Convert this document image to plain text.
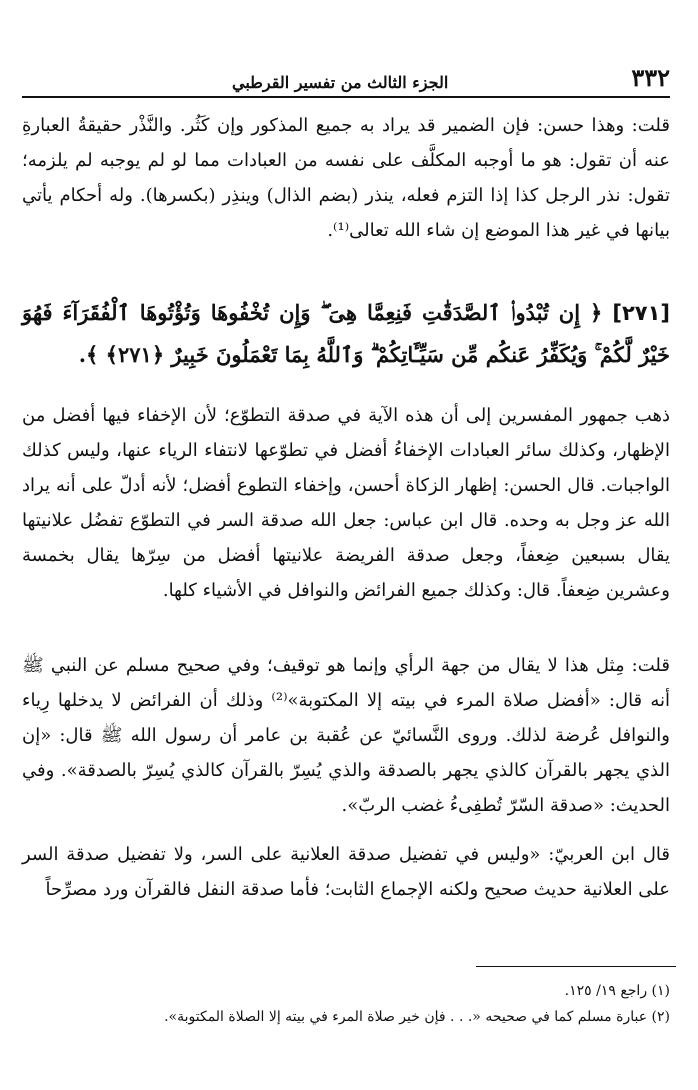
٣٣٢
الجزء الثالث من تفسير القرطبي

قلت: وهذا حسن: فإن الضمير قد يراد به جميع المذكور وإن كَثُر. والنَّذْر حقيقةُ العبارةِ عنه أن تقول: هو ما أوجبه المكلَّف على نفسه من العبادات مما لو لم يوجبه لم يلزمه؛ تقول: نذر الرجل كذا إذا التزم فعله، ينذر (بضم الذال) وينذِر (بكسرها). وله أحكام يأتي بيانها في غير هذا الموضع إن شاء الله تعالى⁽¹⁾.

[٢٧١] ﴿ إِن تُبْدُوا۟ ٱلصَّدَقَٰتِ فَنِعِمَّا هِىَ ۖ وَإِن تُخْفُوهَا وَتُؤْتُوهَا ٱلْفُقَرَآءَ فَهُوَ خَيْرٌ لَّكُمْ ۚ وَيُكَفِّرُ عَنكُم مِّن سَيِّـَٔاتِكُمْ ۗ وَٱللَّهُ بِمَا تَعْمَلُونَ خَبِيرٌ ﴿٢٧١﴾ ﴾.

ذهب جمهور المفسرين إلى أن هذه الآية في صدقة التطوّع؛ لأن الإخفاء فيها أفضل من الإظهار، وكذلك سائر العبادات الإخفاءُ أفضل في تطوّعها لانتفاء الرياء عنها، وليس كذلك الواجبات. قال الحسن: إظهار الزكاة أحسن، وإخفاء التطوع أفضل؛ لأنه أدلّ على أنه يراد الله عز وجل به وحده. قال ابن عباس: جعل الله صدقة السر في التطوّع تفضُل علانيتها يقال بسبعين ضِعفاً، وجعل صدقة الفريضة علانيتها أفضل من سِرّها يقال بخمسة وعشرين ضِعفاً. قال: وكذلك جميع الفرائض والنوافل في الأشياء كلها.

قلت: مِثل هذا لا يقال من جهة الرأي وإنما هو توقيف؛ وفي صحيح مسلم عن النبي ﷺ أنه قال: «أفضل صلاة المرء في بيته إلا المكتوبة»⁽²⁾ وذلك أن الفرائض لا يدخلها رِياء والنوافل عُرضة لذلك. وروى النَّسائيّ عن عُقبة بن عامر أن رسول الله ﷺ قال: «إن الذي يجهر بالقرآن كالذي يجهر بالصدقة والذي يُسِرّ بالقرآن كالذي يُسِرّ بالصدقة». وفي الحديث: «صدقة السّرّ تُطفِىءُ غضب الربّ».

قال ابن العربيّ: «وليس في تفضيل صدقة العلانية على السر، ولا تفضيل صدقة السر على العلانية حديث صحيح ولكنه الإجماع الثابت؛ فأما صدقة النفل فالقرآن ورد مصرِّحاً

(١) راجع ١٩/ ١٢٥.

(٢) عبارة مسلم كما في صحيحه «. . . فإن خير صلاة المرء في بيته إلا الصلاة المكتوبة».
